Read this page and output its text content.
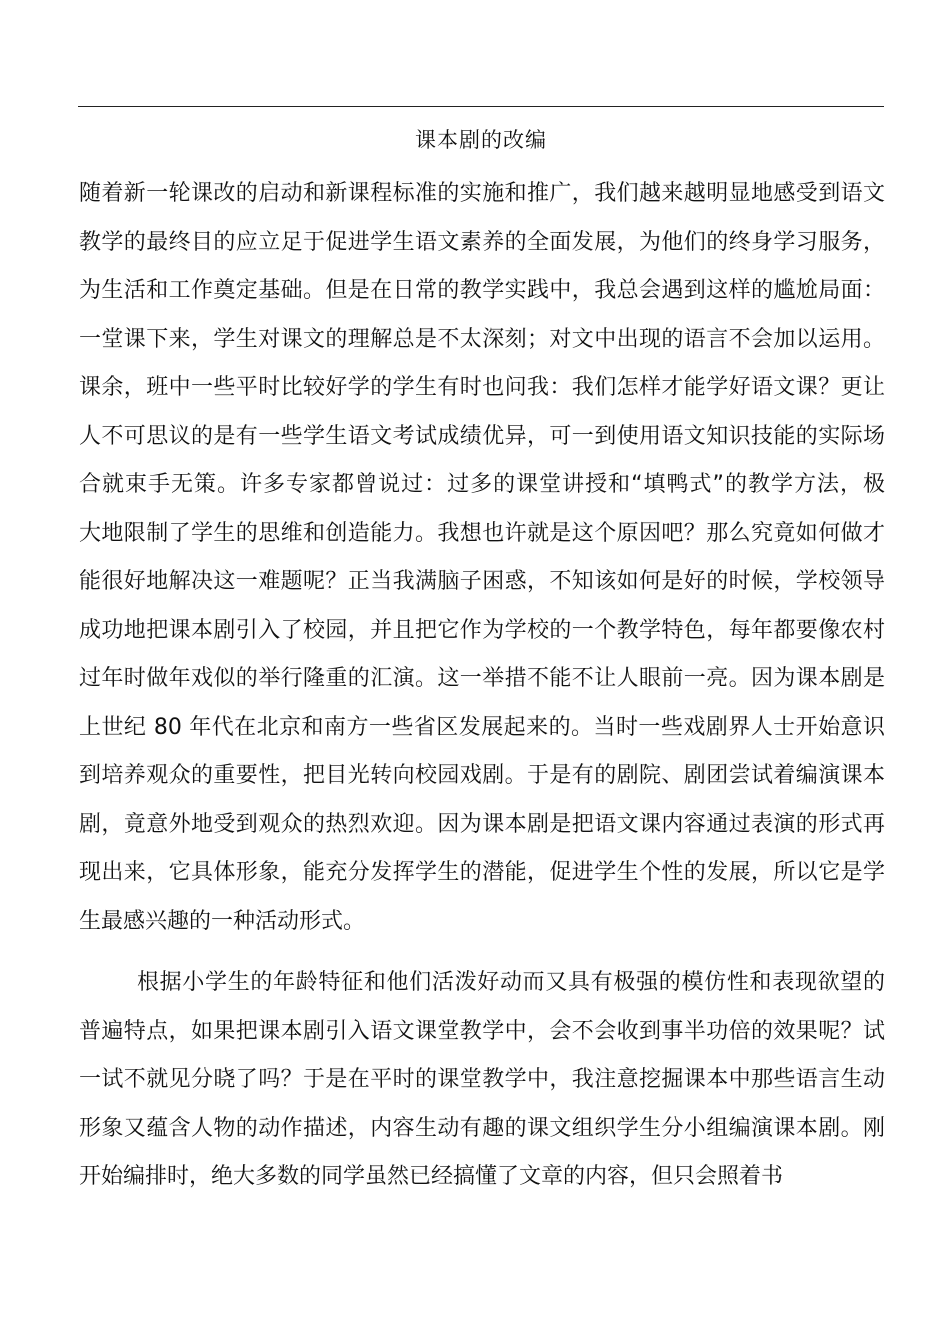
课本剧的改编
随着新一轮课改的启动和新课程标准的实施和推广，我们越来越明显地感受到语文
教学的最终目的应立足于促进学生语文素养的全面发展，为他们的终身学习服务，
为生活和工作奠定基础。但是在日常的教学实践中，我总会遇到这样的尴尬局面：
一堂课下来，学生对课文的理解总是不太深刻；对文中出现的语言不会加以运用。
课余，班中一些平时比较好学的学生有时也问我：我们怎样才能学好语文课？更让
人不可思议的是有一些学生语文考试成绩优异，可一到使用语文知识技能的实际场
合就束手无策。许多专家都曾说过：过多的课堂讲授和“填鸭式”的教学方法，极
大地限制了学生的思维和创造能力。我想也许就是这个原因吧？那么究竟如何做才
能很好地解决这一难题呢？正当我满脑子困惑，不知该如何是好的时候，学校领导
成功地把课本剧引入了校园，并且把它作为学校的一个教学特色，每年都要像农村
过年时做年戏似的举行隆重的汇演。这一举措不能不让人眼前一亮。因为课本剧是
上世纪 80 年代在北京和南方一些省区发展起来的。当时一些戏剧界人士开始意识
到培养观众的重要性，把目光转向校园戏剧。于是有的剧院、剧团尝试着编演课本
剧，竟意外地受到观众的热烈欢迎。因为课本剧是把语文课内容通过表演的形式再
现出来，它具体形象，能充分发挥学生的潜能，促进学生个性的发展，所以它是学
生最感兴趣的一种活动形式。
根据小学生的年龄特征和他们活泼好动而又具有极强的模仿性和表现欲望的
普遍特点，如果把课本剧引入语文课堂教学中，会不会收到事半功倍的效果呢？试
一试不就见分晓了吗？于是在平时的课堂教学中，我注意挖掘课本中那些语言生动
形象又蕴含人物的动作描述，内容生动有趣的课文组织学生分小组编演课本剧。刚
开始编排时，绝大多数的同学虽然已经搞懂了文章的内容，但只会照着书
